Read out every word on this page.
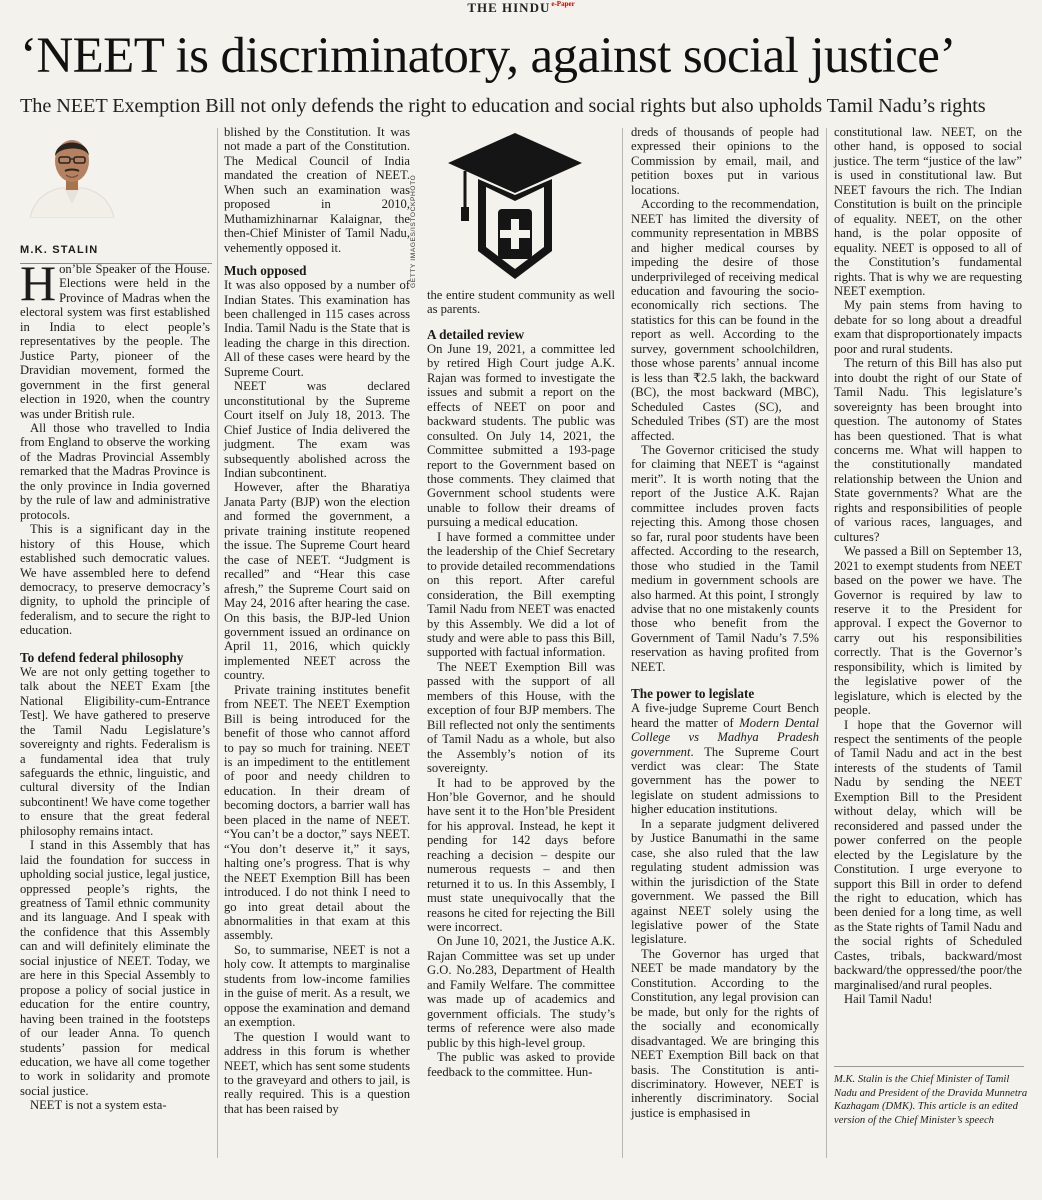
THE $HINDU^{e-Paper}$
‘NEET is discriminatory, against social justice’
The NEET Exemption Bill not only defends the right to education and social rights but also upholds Tamil Nadu’s rights
M.K. STALIN	GETTY IMAGES/ISTOCKPHOTO

Hon’ble Speaker of the House. Elections were held in the Province of Madras when the electoral system was first established in India to elect people’s representatives by the people. The Justice Party, pioneer of the Dravidian movement, formed the government in the first general election in 1920, when the country was under British rule.

All those who travelled to India from England to observe the working of the Madras Provincial Assembly remarked that the Madras Province is the only province in India governed by the rule of law and administrative protocols.

This is a significant day in the history of this House, which established such democratic values. We have assembled here to defend democracy, to preserve democracy’s dignity, to uphold the principle of federalism, and to secure the right to education.

To defend federal philosophy

We are not only getting together to talk about the NEET Exam [the National Eligibility-cum-Entrance Test]. We have gathered to preserve the Tamil Nadu Legislature’s sovereignty and rights. Federalism is a fundamental idea that truly safeguards the ethnic, linguistic, and cultural diversity of the Indian subcontinent! We have come together to ensure that the great federal philosophy remains intact.

I stand in this Assembly that has laid the foundation for success in upholding social justice, legal justice, oppressed people’s rights, the greatness of Tamil ethnic community and its language. And I speak with the confidence that this Assembly can and will definitely eliminate the social injustice of NEET. Today, we are here in this Special Assembly to propose a policy of social justice in education for the entire country, having been trained in the footsteps of our leader Anna. To quench students’ passion for medical education, we have all come together to work in solidarity and promote social justice.

NEET is not a system esta-

blished by the Constitution. It was not made a part of the Constitution. The Medical Council of India mandated the creation of NEET. When such an examination was proposed in 2010, Muthamizhinarnar Kalaignar, the then-Chief Minister of Tamil Nadu, vehemently opposed it.

Much opposed

It was also opposed by a number of Indian States. This examination has been challenged in 115 cases across India. Tamil Nadu is the State that is leading the charge in this direction. All of these cases were heard by the Supreme Court.

NEET was declared unconstitutional by the Supreme Court itself on July 18, 2013. The Chief Justice of India delivered the judgment. The exam was subsequently abolished across the Indian subcontinent.

However, after the Bharatiya Janata Party (BJP) won the election and formed the government, a private training institute reopened the issue. The Supreme Court heard the case of NEET. “Judgment is recalled” and “Hear this case afresh,” the Supreme Court said on May 24, 2016 after hearing the case. On this basis, the BJP-led Union government issued an ordinance on April 11, 2016, which quickly implemented NEET across the country.

Private training institutes benefit from NEET. The NEET Exemption Bill is being introduced for the benefit of those who cannot afford to pay so much for training. NEET is an impediment to the entitlement of poor and needy children to education. In their dream of becoming doctors, a barrier wall has been placed in the name of NEET. “You can’t be a doctor,” says NEET. “You don’t deserve it,” it says, halting one’s progress. That is why the NEET Exemption Bill has been introduced. I do not think I need to go into great detail about the abnormalities in that exam at this assembly.

So, to summarise, NEET is not a holy cow. It attempts to marginalise students from low-income families in the guise of merit. As a result, we oppose the examination and demand an exemption.

The question I would want to address in this forum is whether NEET, which has sent some students to the graveyard and others to jail, is really required. This is a question that has been raised by

the entire student community as well as parents.

A detailed review

On June 19, 2021, a committee led by retired High Court judge A.K. Rajan was formed to investigate the issues and submit a report on the effects of NEET on poor and backward students. The public was consulted. On July 14, 2021, the Committee submitted a 193-page report to the Government based on those comments. They claimed that Government school students were unable to follow their dreams of pursuing a medical education.

I have formed a committee under the leadership of the Chief Secretary to provide detailed recommendations on this report. After careful consideration, the Bill exempting Tamil Nadu from NEET was enacted by this Assembly. We did a lot of study and were able to pass this Bill, supported with factual information.

The NEET Exemption Bill was passed with the support of all members of this House, with the exception of four BJP members. The Bill reflected not only the sentiments of Tamil Nadu as a whole, but also the Assembly’s notion of its sovereignty.

It had to be approved by the Hon’ble Governor, and he should have sent it to the Hon’ble President for his approval. Instead, he kept it pending for 142 days before reaching a decision – despite our numerous requests – and then returned it to us. In this Assembly, I must state unequivocally that the reasons he cited for rejecting the Bill were incorrect.

On June 10, 2021, the Justice A.K. Rajan Committee was set up under G.O. No.283, Department of Health and Family Welfare. The committee was made up of academics and government officials. The study’s terms of reference were also made public by this high-level group.

The public was asked to provide feedback to the committee. Hun-

dreds of thousands of people had expressed their opinions to the Commission by email, mail, and petition boxes put in various locations.

According to the recommendation, NEET has limited the diversity of community representation in MBBS and higher medical courses by impeding the desire of those underprivileged of receiving medical education and favouring the socio-economically rich sections. The statistics for this can be found in the report as well. According to the survey, government schoolchildren, those whose parents’ annual income is less than ₹2.5 lakh, the backward (BC), the most backward (MBC), Scheduled Castes (SC), and Scheduled Tribes (ST) are the most affected.

The Governor criticised the study for claiming that NEET is “against merit”. It is worth noting that the report of the Justice A.K. Rajan committee includes proven facts rejecting this. Among those chosen so far, rural poor students have been affected. According to the research, those who studied in the Tamil medium in government schools are also harmed. At this point, I strongly advise that no one mistakenly counts those who benefit from the Government of Tamil Nadu’s 7.5% reservation as having profited from NEET.

The power to legislate

A five-judge Supreme Court Bench heard the matter of Modern Dental College vs Madhya Pradesh government. The Supreme Court verdict was clear: The State government has the power to legislate on student admissions to higher education institutions.

In a separate judgment delivered by Justice Banumathi in the same case, she also ruled that the law regulating student admission was within the jurisdiction of the State government. We passed the Bill against NEET solely using the legislative power of the State legislature.

The Governor has urged that NEET be made mandatory by the Constitution. According to the Constitution, any legal provision can be made, but only for the rights of the socially and economically disadvantaged. We are bringing this NEET Exemption Bill back on that basis. The Constitution is anti-discriminatory. However, NEET is inherently discriminatory. Social justice is emphasised in

constitutional law. NEET, on the other hand, is opposed to social justice. The term “justice of the law” is used in constitutional law. But NEET favours the rich. The Indian Constitution is built on the principle of equality. NEET, on the other hand, is the polar opposite of equality. NEET is opposed to all of the Constitution’s fundamental rights. That is why we are requesting NEET exemption.

My pain stems from having to debate for so long about a dreadful exam that disproportionately impacts poor and rural students.

The return of this Bill has also put into doubt the right of our State of Tamil Nadu. This legislature’s sovereignty has been brought into question. The autonomy of States has been questioned. That is what concerns me. What will happen to the constitutionally mandated relationship between the Union and State governments? What are the rights and responsibilities of people of various races, languages, and cultures?

We passed a Bill on September 13, 2021 to exempt students from NEET based on the power we have. The Governor is required by law to reserve it to the President for approval. I expect the Governor to carry out his responsibilities correctly. That is the Governor’s responsibility, which is limited by the legislative power of the legislature, which is elected by the people.

I hope that the Governor will respect the sentiments of the people of Tamil Nadu and act in the best interests of the students of Tamil Nadu by sending the NEET Exemption Bill to the President without delay, which will be reconsidered and passed under the power conferred on the people elected by the Legislature by the Constitution. I urge everyone to support this Bill in order to defend the right to education, which has been denied for a long time, as well as the State rights of Tamil Nadu and the social rights of Scheduled Castes, tribals, backward/most backward/the oppressed/the poor/the marginalised/and rural peoples.

Hail Tamil Nadu!

M.K. Stalin is the Chief Minister of Tamil Nadu and President of the Dravida Munnetra Kazhagam (DMK). This article is an edited version of the Chief Minister’s speech
